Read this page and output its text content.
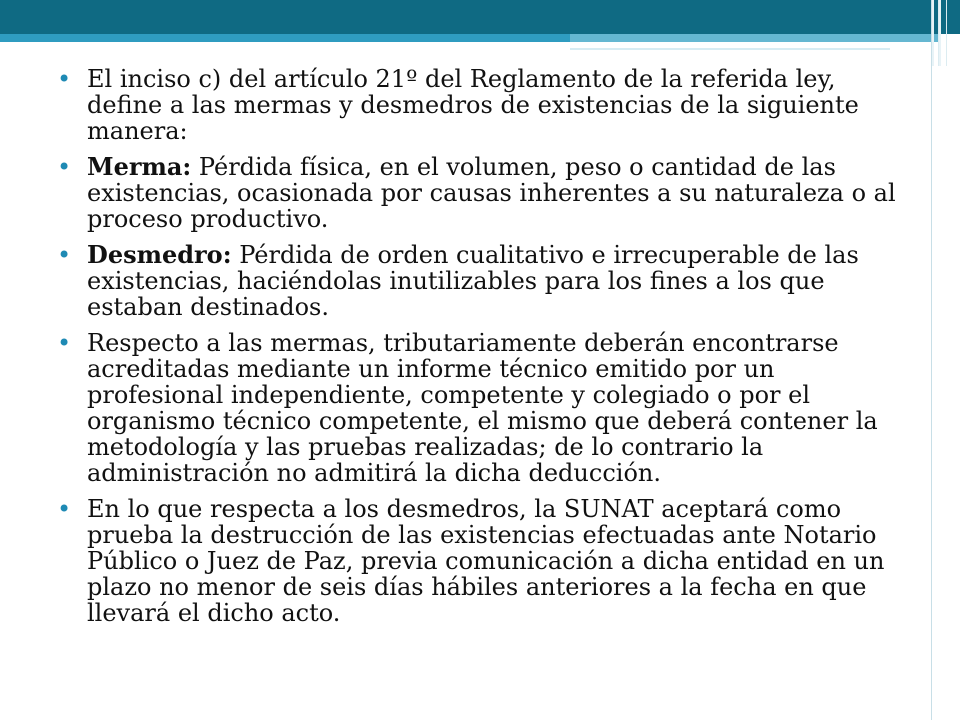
• El inciso c) del artículo 21º del Reglamento de la referida ley, define a las mermas y desmedros de existencias de la siguiente manera:

• Merma: Pérdida física, en el volumen, peso o cantidad de las existencias, ocasionada por causas inherentes a su naturaleza o al proceso productivo.

• Desmedro: Pérdida de orden cualitativo e irrecuperable de las existencias, haciéndolas inutilizables para los fines a los que estaban destinados.

• Respecto a las mermas, tributariamente deberán encontrarse acreditadas mediante un informe técnico emitido por un profesional independiente, competente y colegiado o por el organismo técnico competente, el mismo que deberá contener la metodología y las pruebas realizadas; de lo contrario la administración no admitirá la dicha deducción.

• En lo que respecta a los desmedros, la SUNAT aceptará como prueba la destrucción de las existencias efectuadas ante Notario Público o Juez de Paz, previa comunicación a dicha entidad en un plazo no menor de seis días hábiles anteriores a la fecha en que llevará el dicho acto.
